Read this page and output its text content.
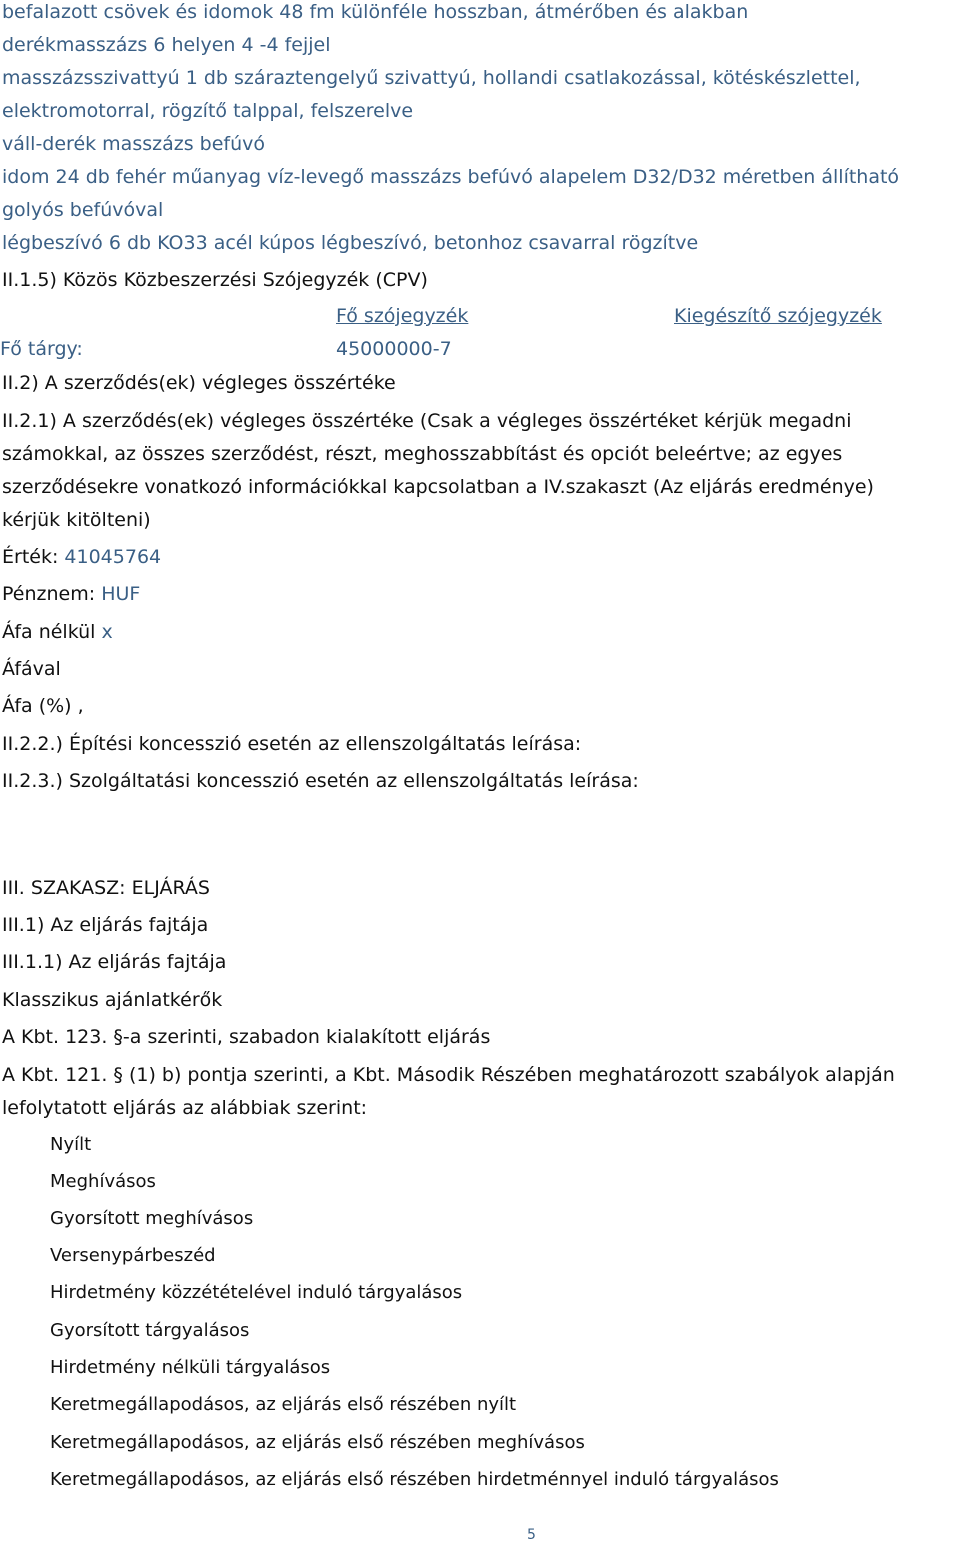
befalazott csövek és idomok 48 fm különféle hosszban, átmérőben és alakban
derékmasszázs 6 helyen 4 -4 fejjel
masszázsszivattyú 1 db száraztengelyű szivattyú, hollandi csatlakozással, kötéskészlettel,
elektromotorral, rögzítő talppal, felszerelve
váll-derék masszázs befúvó
idom 24 db fehér műanyag víz-levegő masszázs befúvó alapelem D32/D32 méretben állítható
golyós befúvóval
légbeszívó 6 db KO33 acél kúpos légbeszívó, betonhoz csavarral rögzítve
II.1.5) Közös Közbeszerzési Szójegyzék (CPV)
Fő szójegyzék	Kiegészítő szójegyzék
Fő tárgy:	45000000-7
II.2) A szerződés(ek) végleges összértéke
II.2.1) A szerződés(ek) végleges összértéke (Csak a végleges összértéket kérjük megadni
számokkal, az összes szerződést, részt, meghosszabbítást és opciót beleértve; az egyes
szerződésekre vonatkozó információkkal kapcsolatban a IV.szakaszt (Az eljárás eredménye)
kérjük kitölteni)
Érték: 41045764
Pénznem: HUF
Áfa nélkül x
Áfával
Áfa (%) ,
II.2.2.) Építési koncesszió esetén az ellenszolgáltatás leírása:
II.2.3.) Szolgáltatási koncesszió esetén az ellenszolgáltatás leírása:
III. SZAKASZ: ELJÁRÁS
III.1) Az eljárás fajtája
III.1.1) Az eljárás fajtája
Klasszikus ajánlatkérők
A Kbt. 123. §-a szerinti, szabadon kialakított eljárás
A Kbt. 121. § (1) b) pontja szerinti, a Kbt. Második Részében meghatározott szabályok alapján
lefolytatott eljárás az alábbiak szerint:
Nyílt
Meghívásos
Gyorsított meghívásos
Versenypárbeszéd
Hirdetmény közzétételével induló tárgyalásos
Gyorsított tárgyalásos
Hirdetmény nélküli tárgyalásos
Keretmegállapodásos, az eljárás első részében nyílt
Keretmegállapodásos, az eljárás első részében meghívásos
Keretmegállapodásos, az eljárás első részében hirdetménnyel induló tárgyalásos
5
